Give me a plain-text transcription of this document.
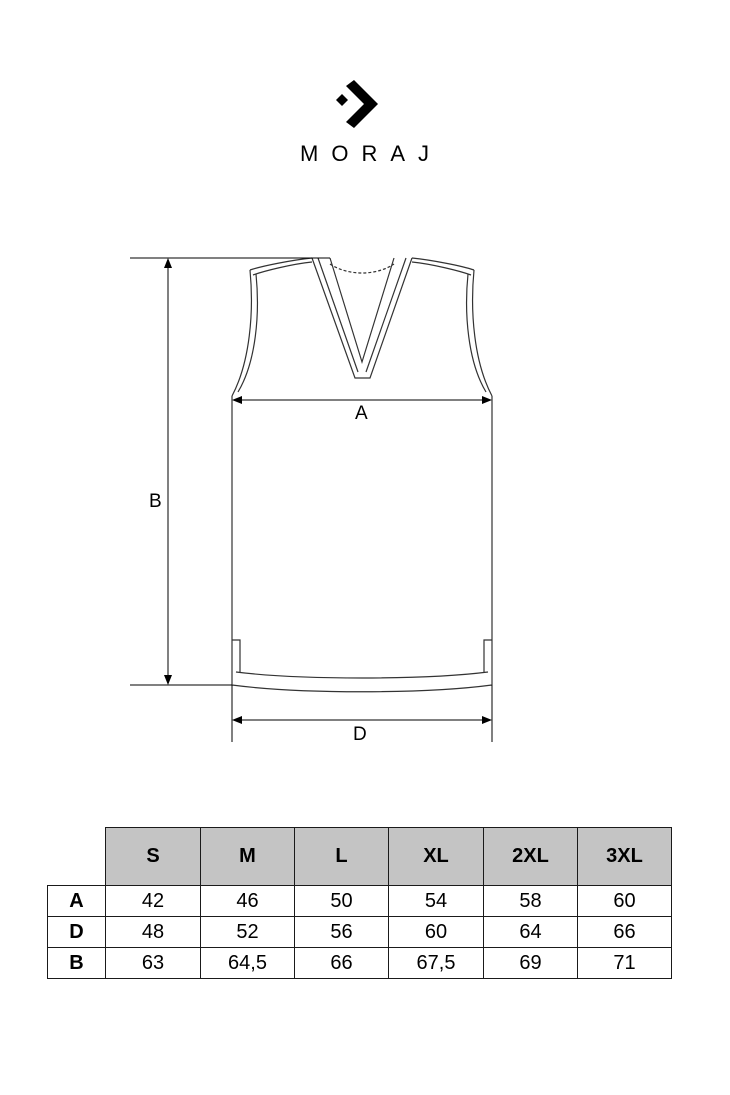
MORAJ
A
B
D
	S	M	L	XL	2XL	3XL
A	42	46	50	54	58	60
D	48	52	56	60	64	66
B	63	64,5	66	67,5	69	71
